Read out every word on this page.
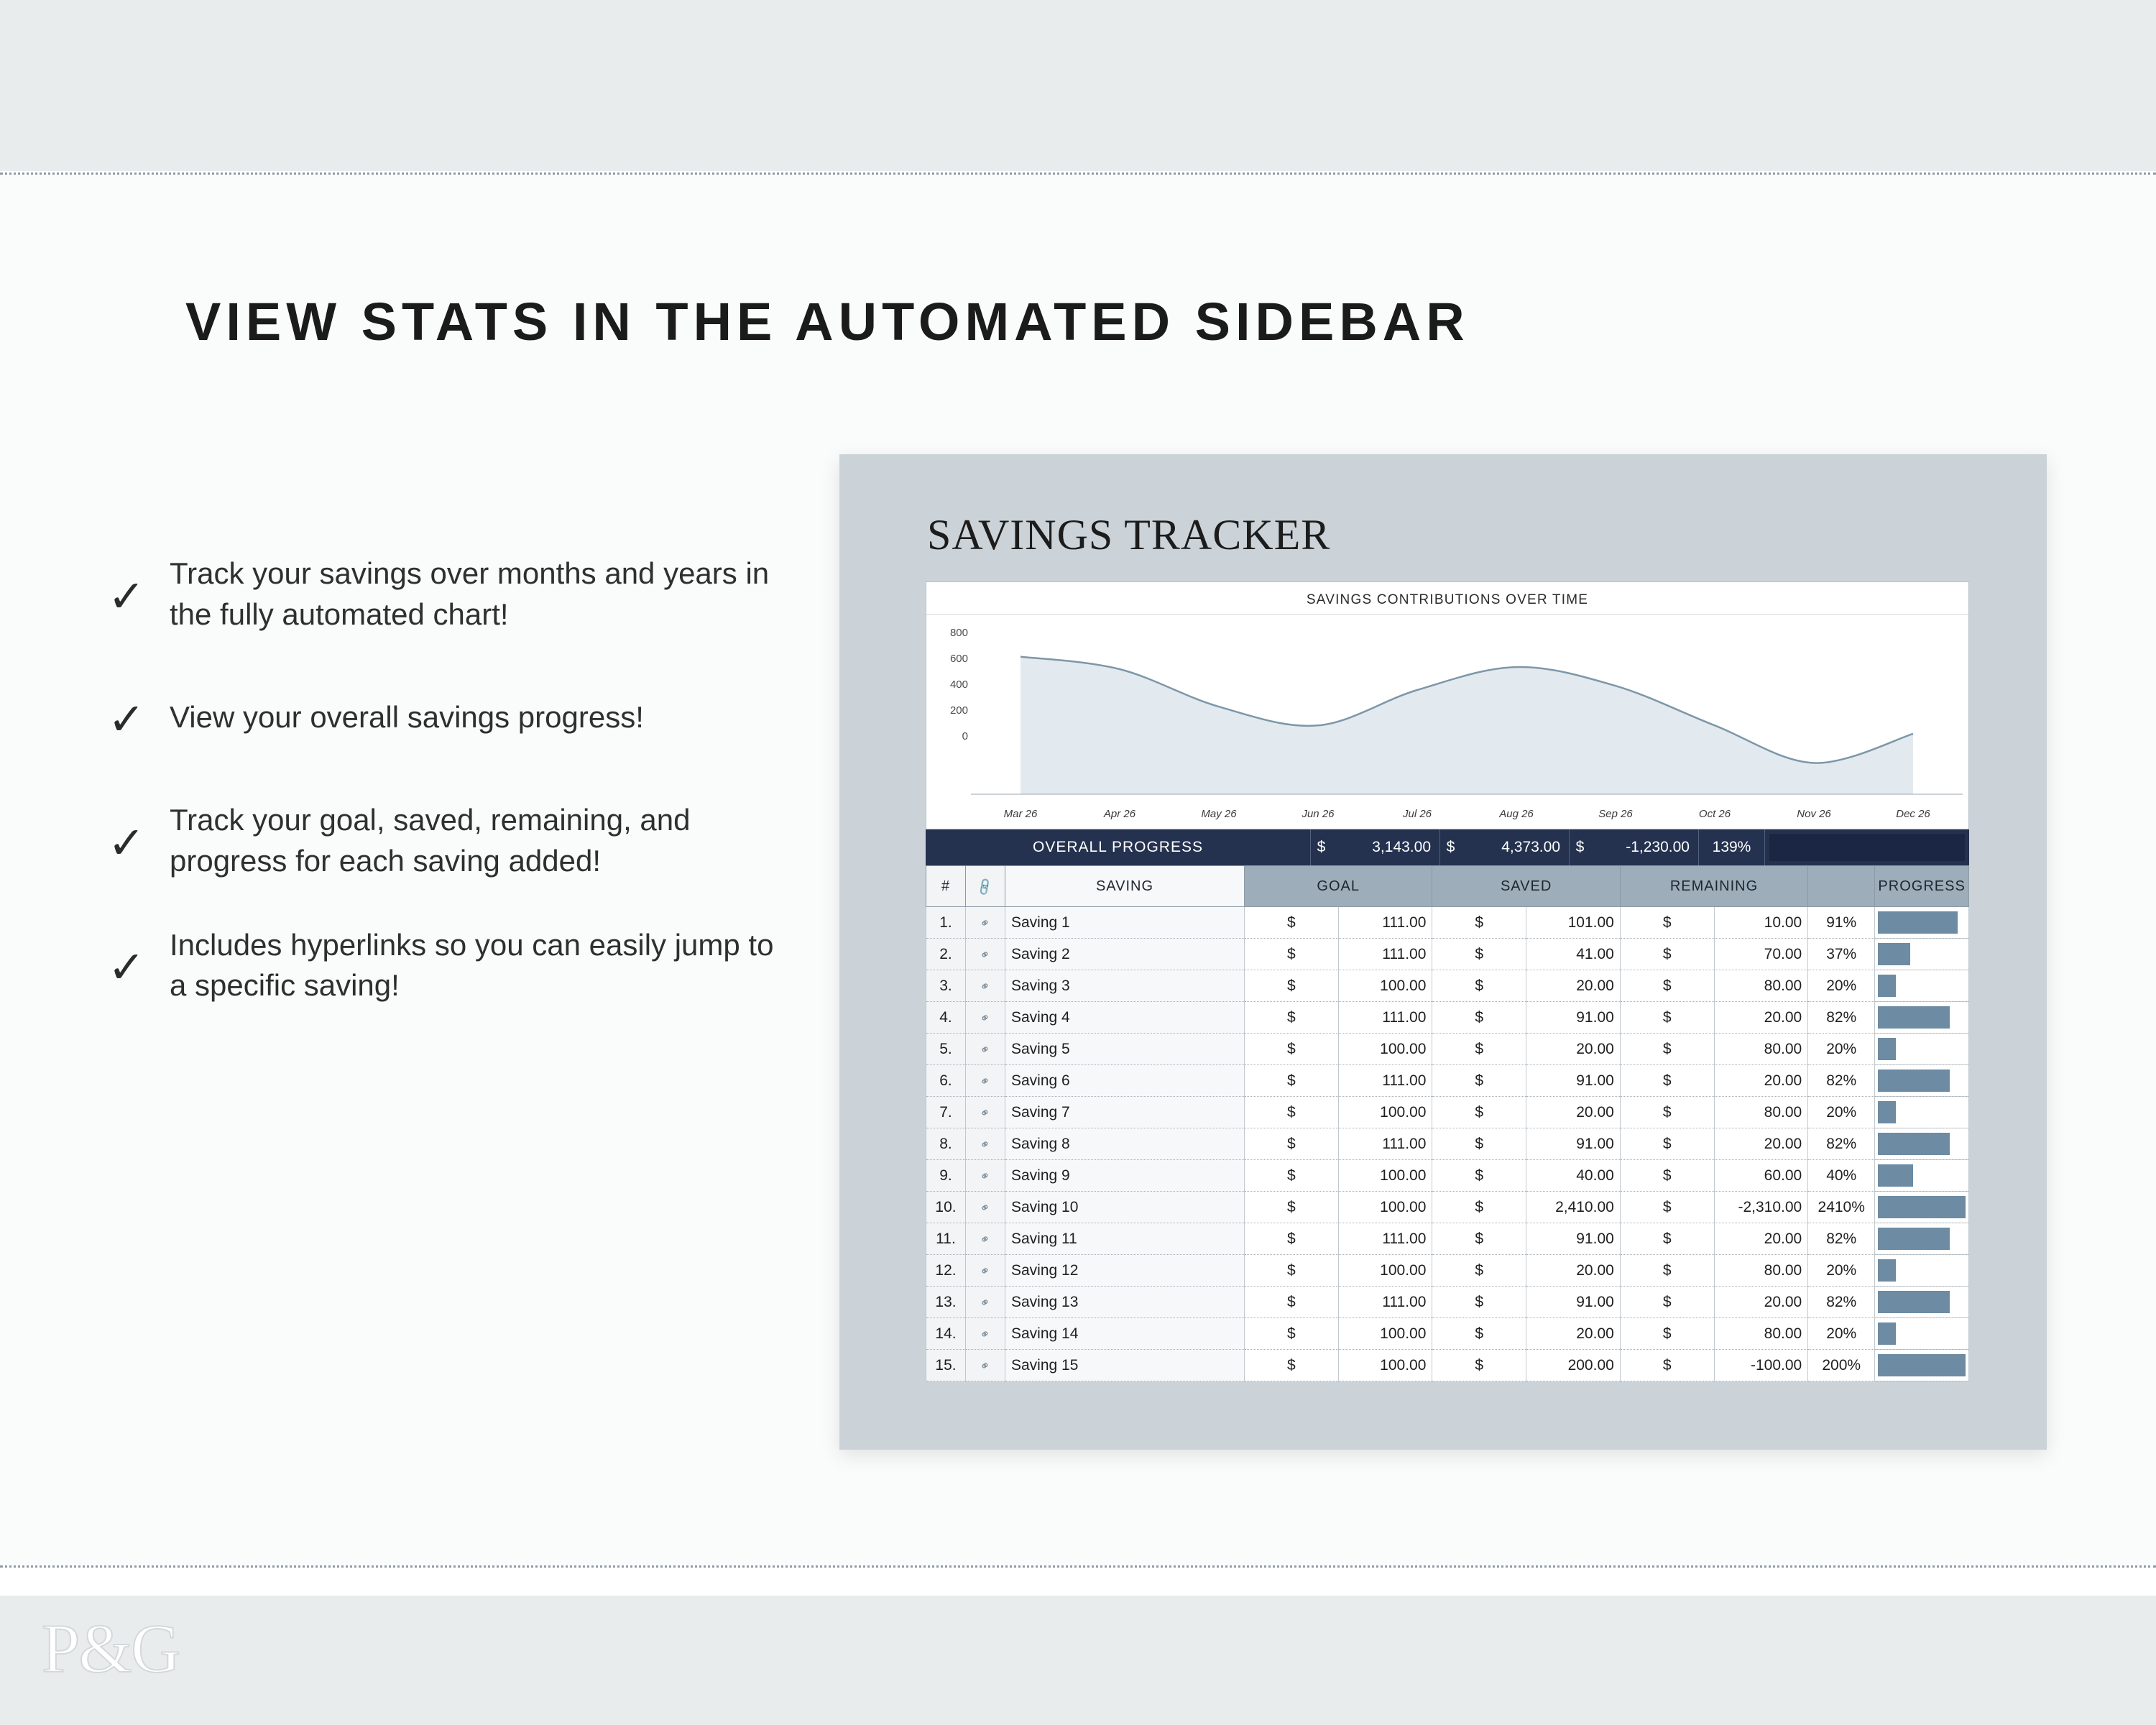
P&G
VIEW STATS IN THE AUTOMATED SIDEBAR
✓ Track your savings over months and years in the fully automated chart!
✓ View your overall savings progress!
✓ Track your goal, saved, remaining, and progress for each saving added!
✓ Includes hyperlinks so you can easily jump to a specific saving!
SAVINGS TRACKER
SAVINGS CONTRIBUTIONS OVER TIME
800
600
400
200
0
Mar 26	Apr 26	May 26	Jun 26	Jul 26	Aug 26	Sep 26	Oct 26	Nov 26	Dec 26
OVERALL PROGRESS	$	3,143.00	$	4,373.00	$	-1,230.00	139%
#	🔗	SAVING	GOAL		SAVED		REMAINING			PROGRESS
1.	⚭	Saving 1	$	111.00	$	101.00	$	10.00	91%	

2.	⚭	Saving 2	$	111.00	$	41.00	$	70.00	37%	

3.	⚭	Saving 3	$	100.00	$	20.00	$	80.00	20%	

4.	⚭	Saving 4	$	111.00	$	91.00	$	20.00	82%	

5.	⚭	Saving 5	$	100.00	$	20.00	$	80.00	20%	

6.	⚭	Saving 6	$	111.00	$	91.00	$	20.00	82%	

7.	⚭	Saving 7	$	100.00	$	20.00	$	80.00	20%	

8.	⚭	Saving 8	$	111.00	$	91.00	$	20.00	82%	

9.	⚭	Saving 9	$	100.00	$	40.00	$	60.00	40%	

10.	⚭	Saving 10	$	100.00	$	2,410.00	$	-2,310.00	2410%	

11.	⚭	Saving 11	$	111.00	$	91.00	$	20.00	82%	

12.	⚭	Saving 12	$	100.00	$	20.00	$	80.00	20%	

13.	⚭	Saving 13	$	111.00	$	91.00	$	20.00	82%	

14.	⚭	Saving 14	$	100.00	$	20.00	$	80.00	20%	

15.	⚭	Saving 15	$	100.00	$	200.00	$	-100.00	200%	
